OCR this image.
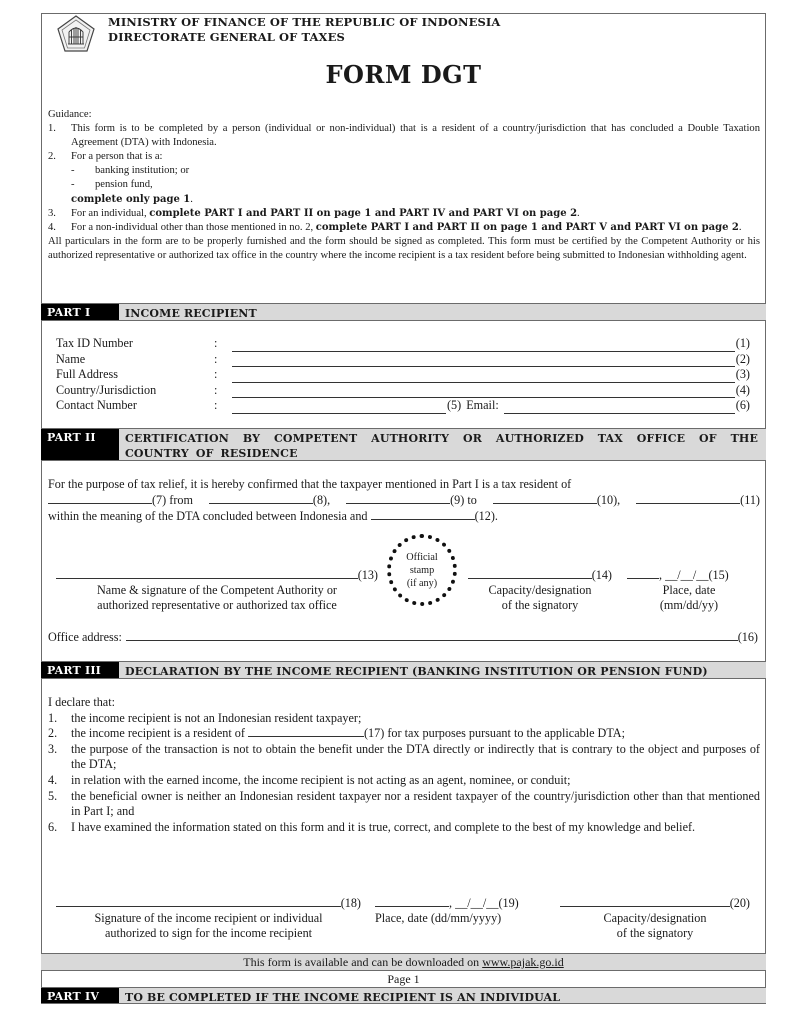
MINISTRY OF FINANCE OF THE REPUBLIC OF INDONESIA
DIRECTORATE GENERAL OF TAXES
FORM DGT
Guidance:
1.	This form is to be completed by a person (individual or non-individual) that is a resident of a country/jurisdiction that has concluded a Double Taxation Agreement (DTA) with Indonesia.
2.	For a person that is a:
-	banking institution; or
-	pension fund,
complete only page 1.
3.	For an individual, complete PART I and PART II on page 1 and PART IV and PART VI on page 2.
4.	For a non-individual other than those mentioned in no. 2, complete PART I and PART II on page 1 and PART V and PART VI on page 2.
All particulars in the form are to be properly furnished and the form should be signed as completed. This form must be certified by the Competent Authority or his authorized representative or authorized tax office in the country where the income recipient is a tax resident before being submitted to Indonesian withholding agent.
PART I	INCOME RECIPIENT
Tax ID Number	:	(1)
Name	:	(2)
Full Address	:	(3)
Country/Jurisdiction	:	(4)
Contact Number	:	(5) Email:	(6)
PART II	CERTIFICATION BY COMPETENT AUTHORITY OR AUTHORIZED TAX OFFICE OF THE COUNTRY OF RESIDENCE
For the purpose of tax relief, it is hereby confirmed that the taxpayer mentioned in Part I is a tax resident of
(7) from	(8),	(9) to	(10),	(11)
within the meaning of the DTA concluded between Indonesia and	(12).
(13)
Name & signature of the Competent Authority or
authorized representative or authorized tax office
Official
stamp
(if any)
(14)
Capacity/designation
of the signatory
, __/__/__ (15)
Place, date
(mm/dd/yy)
Office address:	(16)
PART III	DECLARATION BY THE INCOME RECIPIENT (BANKING INSTITUTION OR PENSION FUND)
I declare that:
1.	the income recipient is not an Indonesian resident taxpayer;
2.	the income recipient is a resident of	(17) for tax purposes pursuant to the applicable DTA;
3.	the purpose of the transaction is not to obtain the benefit under the DTA directly or indirectly that is contrary to the object and purposes of the DTA;
4.	in relation with the earned income, the income recipient is not acting as an agent, nominee, or conduit;
5.	the beneficial owner is neither an Indonesian resident taxpayer nor a resident taxpayer of the country/jurisdiction other than that mentioned in Part I; and
6.	I have examined the information stated on this form and it is true, correct, and complete to the best of my knowledge and belief.
(18)
Signature of the income recipient or individual
authorized to sign for the income recipient
, __/__/__ (19)
Place, date (dd/mm/yyyy)
(20)
Capacity/designation
of the signatory
This form is available and can be downloaded on www.pajak.go.id
Page 1
PART IV	TO BE COMPLETED IF THE INCOME RECIPIENT IS AN INDIVIDUAL
